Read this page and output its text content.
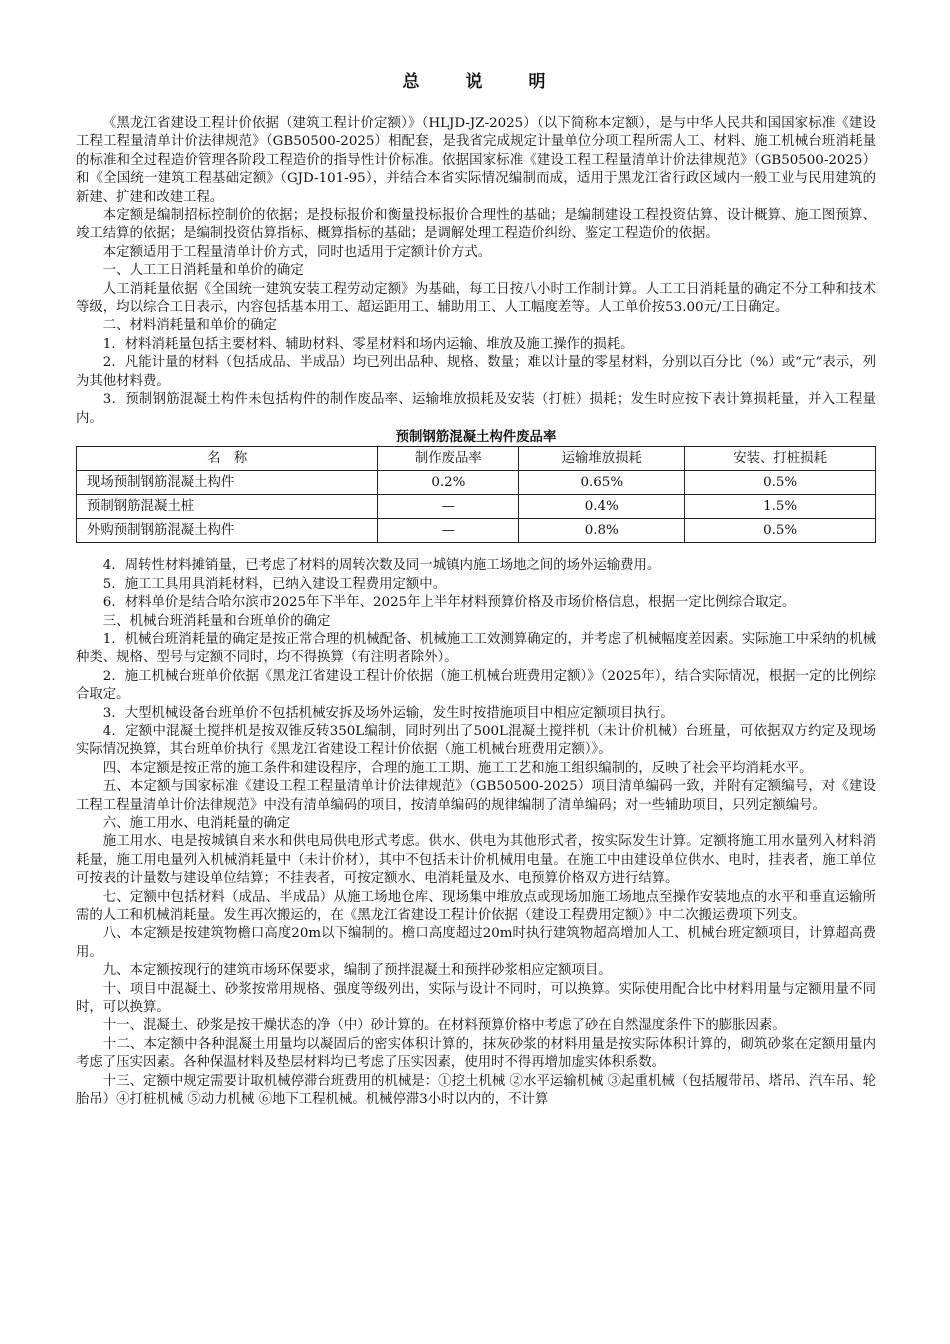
总	说	明

《黑龙江省建设工程计价依据（建筑工程计价定额）》（HLJD-JZ-2025）（以下简称本定额），是与中华人民共和国国家标准《建设工程工程量清单计价法律规范》（GB50500-2025）相配套，是我省完成规定计量单位分项工程所需人工、材料、施工机械台班消耗量的标准和全过程造价管理各阶段工程造价的指导性计价标准。依据国家标准《建设工程工程量清单计价法律规范》（GB50500-2025）和《全国统一建筑工程基础定额》（GJD-101-95），并结合本省实际情况编制而成，适用于黑龙江省行政区域内一般工业与民用建筑的新建、扩建和改建工程。

本定额是编制招标控制价的依据；是投标报价和衡量投标报价合理性的基础；是编制建设工程投资估算、设计概算、施工图预算、竣工结算的依据；是编制投资估算指标、概算指标的基础；是调解处理工程造价纠纷、鉴定工程造价的依据。

本定额适用于工程量清单计价方式，同时也适用于定额计价方式。

一、人工工日消耗量和单价的确定

人工消耗量依据《全国统一建筑安装工程劳动定额》为基础，每工日按八小时工作制计算。人工工日消耗量的确定不分工种和技术等级，均以综合工日表示，内容包括基本用工、超运距用工、辅助用工、人工幅度差等。人工单价按53.00元/工日确定。

二、材料消耗量和单价的确定

1．材料消耗量包括主要材料、辅助材料、零星材料和场内运输、堆放及施工操作的损耗。

2．凡能计量的材料（包括成品、半成品）均已列出品种、规格、数量；难以计量的零星材料，分别以百分比（%）或“元”表示，列为其他材料费。

3．预制钢筋混凝土构件未包括构件的制作废品率、运输堆放损耗及安装（打桩）损耗；发生时应按下表计算损耗量，并入工程量内。

预制钢筋混凝土构件废品率

名　称	制作废品率	运输堆放损耗	安装、打桩损耗
现场预制钢筋混凝土构件	0.2%	0.65%	0.5%
预制钢筋混凝土桩	—	0.4%	1.5%
外购预制钢筋混凝土构件	—	0.8%	0.5%

4．周转性材料摊销量，已考虑了材料的周转次数及同一城镇内施工场地之间的场外运输费用。

5．施工工具用具消耗材料，已纳入建设工程费用定额中。

6．材料单价是结合哈尔滨市2025年下半年、2025年上半年材料预算价格及市场价格信息，根据一定比例综合取定。

三、机械台班消耗量和台班单价的确定

1．机械台班消耗量的确定是按正常合理的机械配备、机械施工工效测算确定的，并考虑了机械幅度差因素。实际施工中采纳的机械种类、规格、型号与定额不同时，均不得换算（有注明者除外）。

2．施工机械台班单价依据《黑龙江省建设工程计价依据（施工机械台班费用定额）》（2025年），结合实际情况，根据一定的比例综合取定。

3．大型机械设备台班单价不包括机械安拆及场外运输，发生时按措施项目中相应定额项目执行。

4．定额中混凝土搅拌机是按双锥反转350L编制，同时列出了500L混凝土搅拌机（未计价机械）台班量，可依据双方约定及现场实际情况换算，其台班单价执行《黑龙江省建设工程计价依据（施工机械台班费用定额）》。

四、本定额是按正常的施工条件和建设程序，合理的施工工期、施工工艺和施工组织编制的，反映了社会平均消耗水平。

五、本定额与国家标准《建设工程工程量清单计价法律规范》（GB50500-2025）项目清单编码一致，并附有定额编号，对《建设工程工程量清单计价法律规范》中没有清单编码的项目，按清单编码的规律编制了清单编码；对一些辅助项目，只列定额编号。

六、施工用水、电消耗量的确定

施工用水、电是按城镇自来水和供电局供电形式考虑。供水、供电为其他形式者，按实际发生计算。定额将施工用水量列入材料消耗量，施工用电量列入机械消耗量中（未计价材），其中不包括未计价机械用电量。在施工中由建设单位供水、电时，挂表者，施工单位可按表的计量数与建设单位结算；不挂表者，可按定额水、电消耗量及水、电预算价格双方进行结算。

七、定额中包括材料（成品、半成品）从施工场地仓库、现场集中堆放点或现场加施工场地点至操作安装地点的水平和垂直运输所需的人工和机械消耗量。发生再次搬运的，在《黑龙江省建设工程计价依据（建设工程费用定额）》中二次搬运费项下列支。

八、本定额是按建筑物檐口高度20m以下编制的。檐口高度超过20m时执行建筑物超高增加人工、机械台班定额项目，计算超高费用。

九、本定额按现行的建筑市场环保要求，编制了预拌混凝土和预拌砂浆相应定额项目。

十、项目中混凝土、砂浆按常用规格、强度等级列出，实际与设计不同时，可以换算。实际使用配合比中材料用量与定额用量不同时，可以换算。

十一、混凝土、砂浆是按干燥状态的净（中）砂计算的。在材料预算价格中考虑了砂在自然湿度条件下的膨胀因素。

十二、本定额中各种混凝土用量均以凝固后的密实体积计算的，抹灰砂浆的材料用量是按实际体积计算的，砌筑砂浆在定额用量内考虑了压实因素。各种保温材料及垫层材料均已考虑了压实因素，使用时不得再增加虚实体积系数。

十三、定额中规定需要计取机械停滞台班费用的机械是：①挖土机械 ②水平运输机械 ③起重机械（包括履带吊、塔吊、汽车吊、轮胎吊）④打桩机械 ⑤动力机械 ⑥地下工程机械。机械停滞3小时以内的，不计算
